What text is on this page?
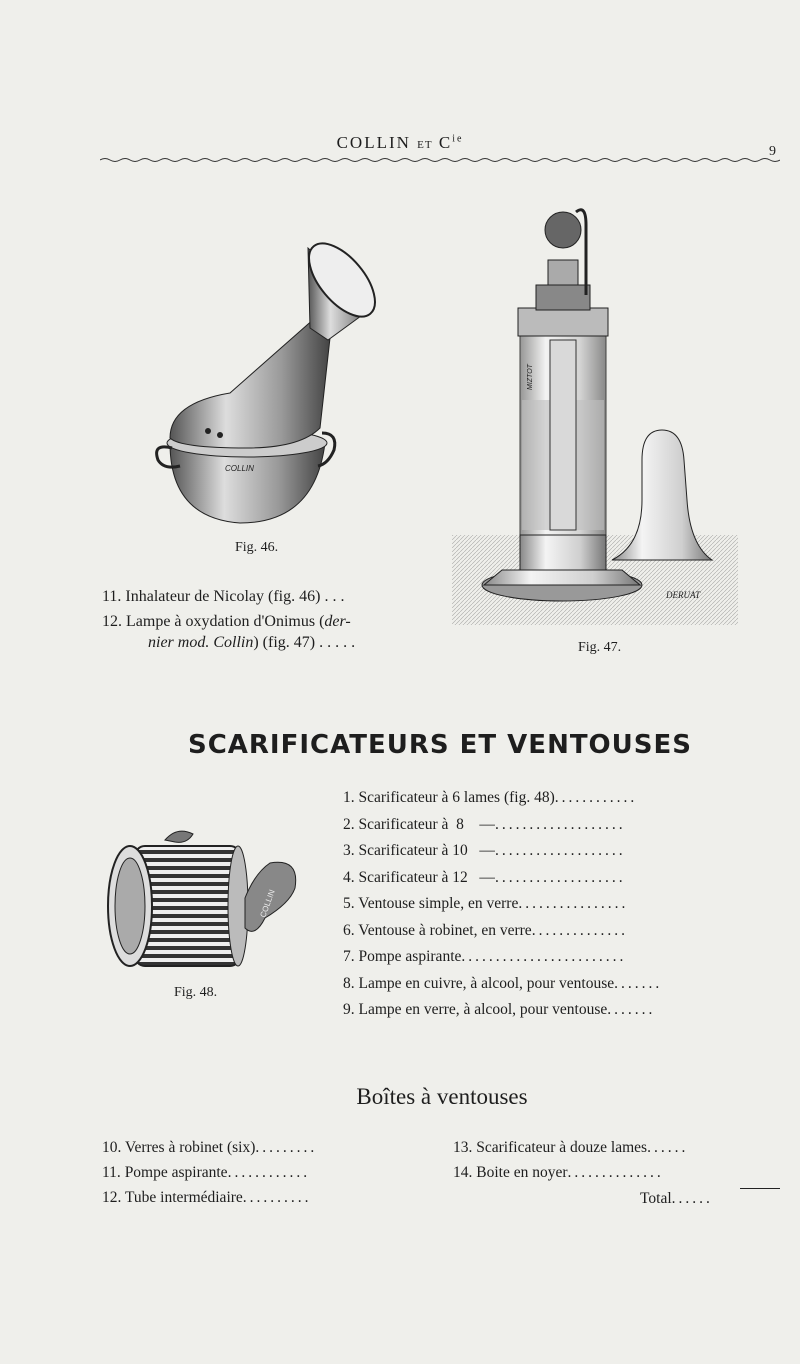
COLLIN ET $C^{ie}$
9
COLLIN
Fig. 46.
MIZTOT
DERUAT
Fig. 47.
11. Inhalateur de Nicolay (fig. 46) . . .
12. Lampe à oxydation d'Onimus (der-
nier mod. Collin) (fig. 47) . . . . .
SCARIFICATEURS ET VENTOUSES
COLLIN
Fig. 48.
1. Scarificateur à 6 lames (fig. 48)............
2. Scarificateur à  8    —...................
3. Scarificateur à 10   —...................
4. Scarificateur à 12   —...................
5. Ventouse simple, en verre................
6. Ventouse à robinet, en verre..............
7. Pompe aspirante........................
8. Lampe en cuivre, à alcool, pour ventouse.......
9. Lampe en verre, à alcool, pour ventouse.......
Boîtes à ventouses
10. Verres à robinet (six).........
11. Pompe aspirante............
12. Tube intermédiaire..........
13. Scarificateur à douze lames......
14. Boite en noyer..............
Total......
